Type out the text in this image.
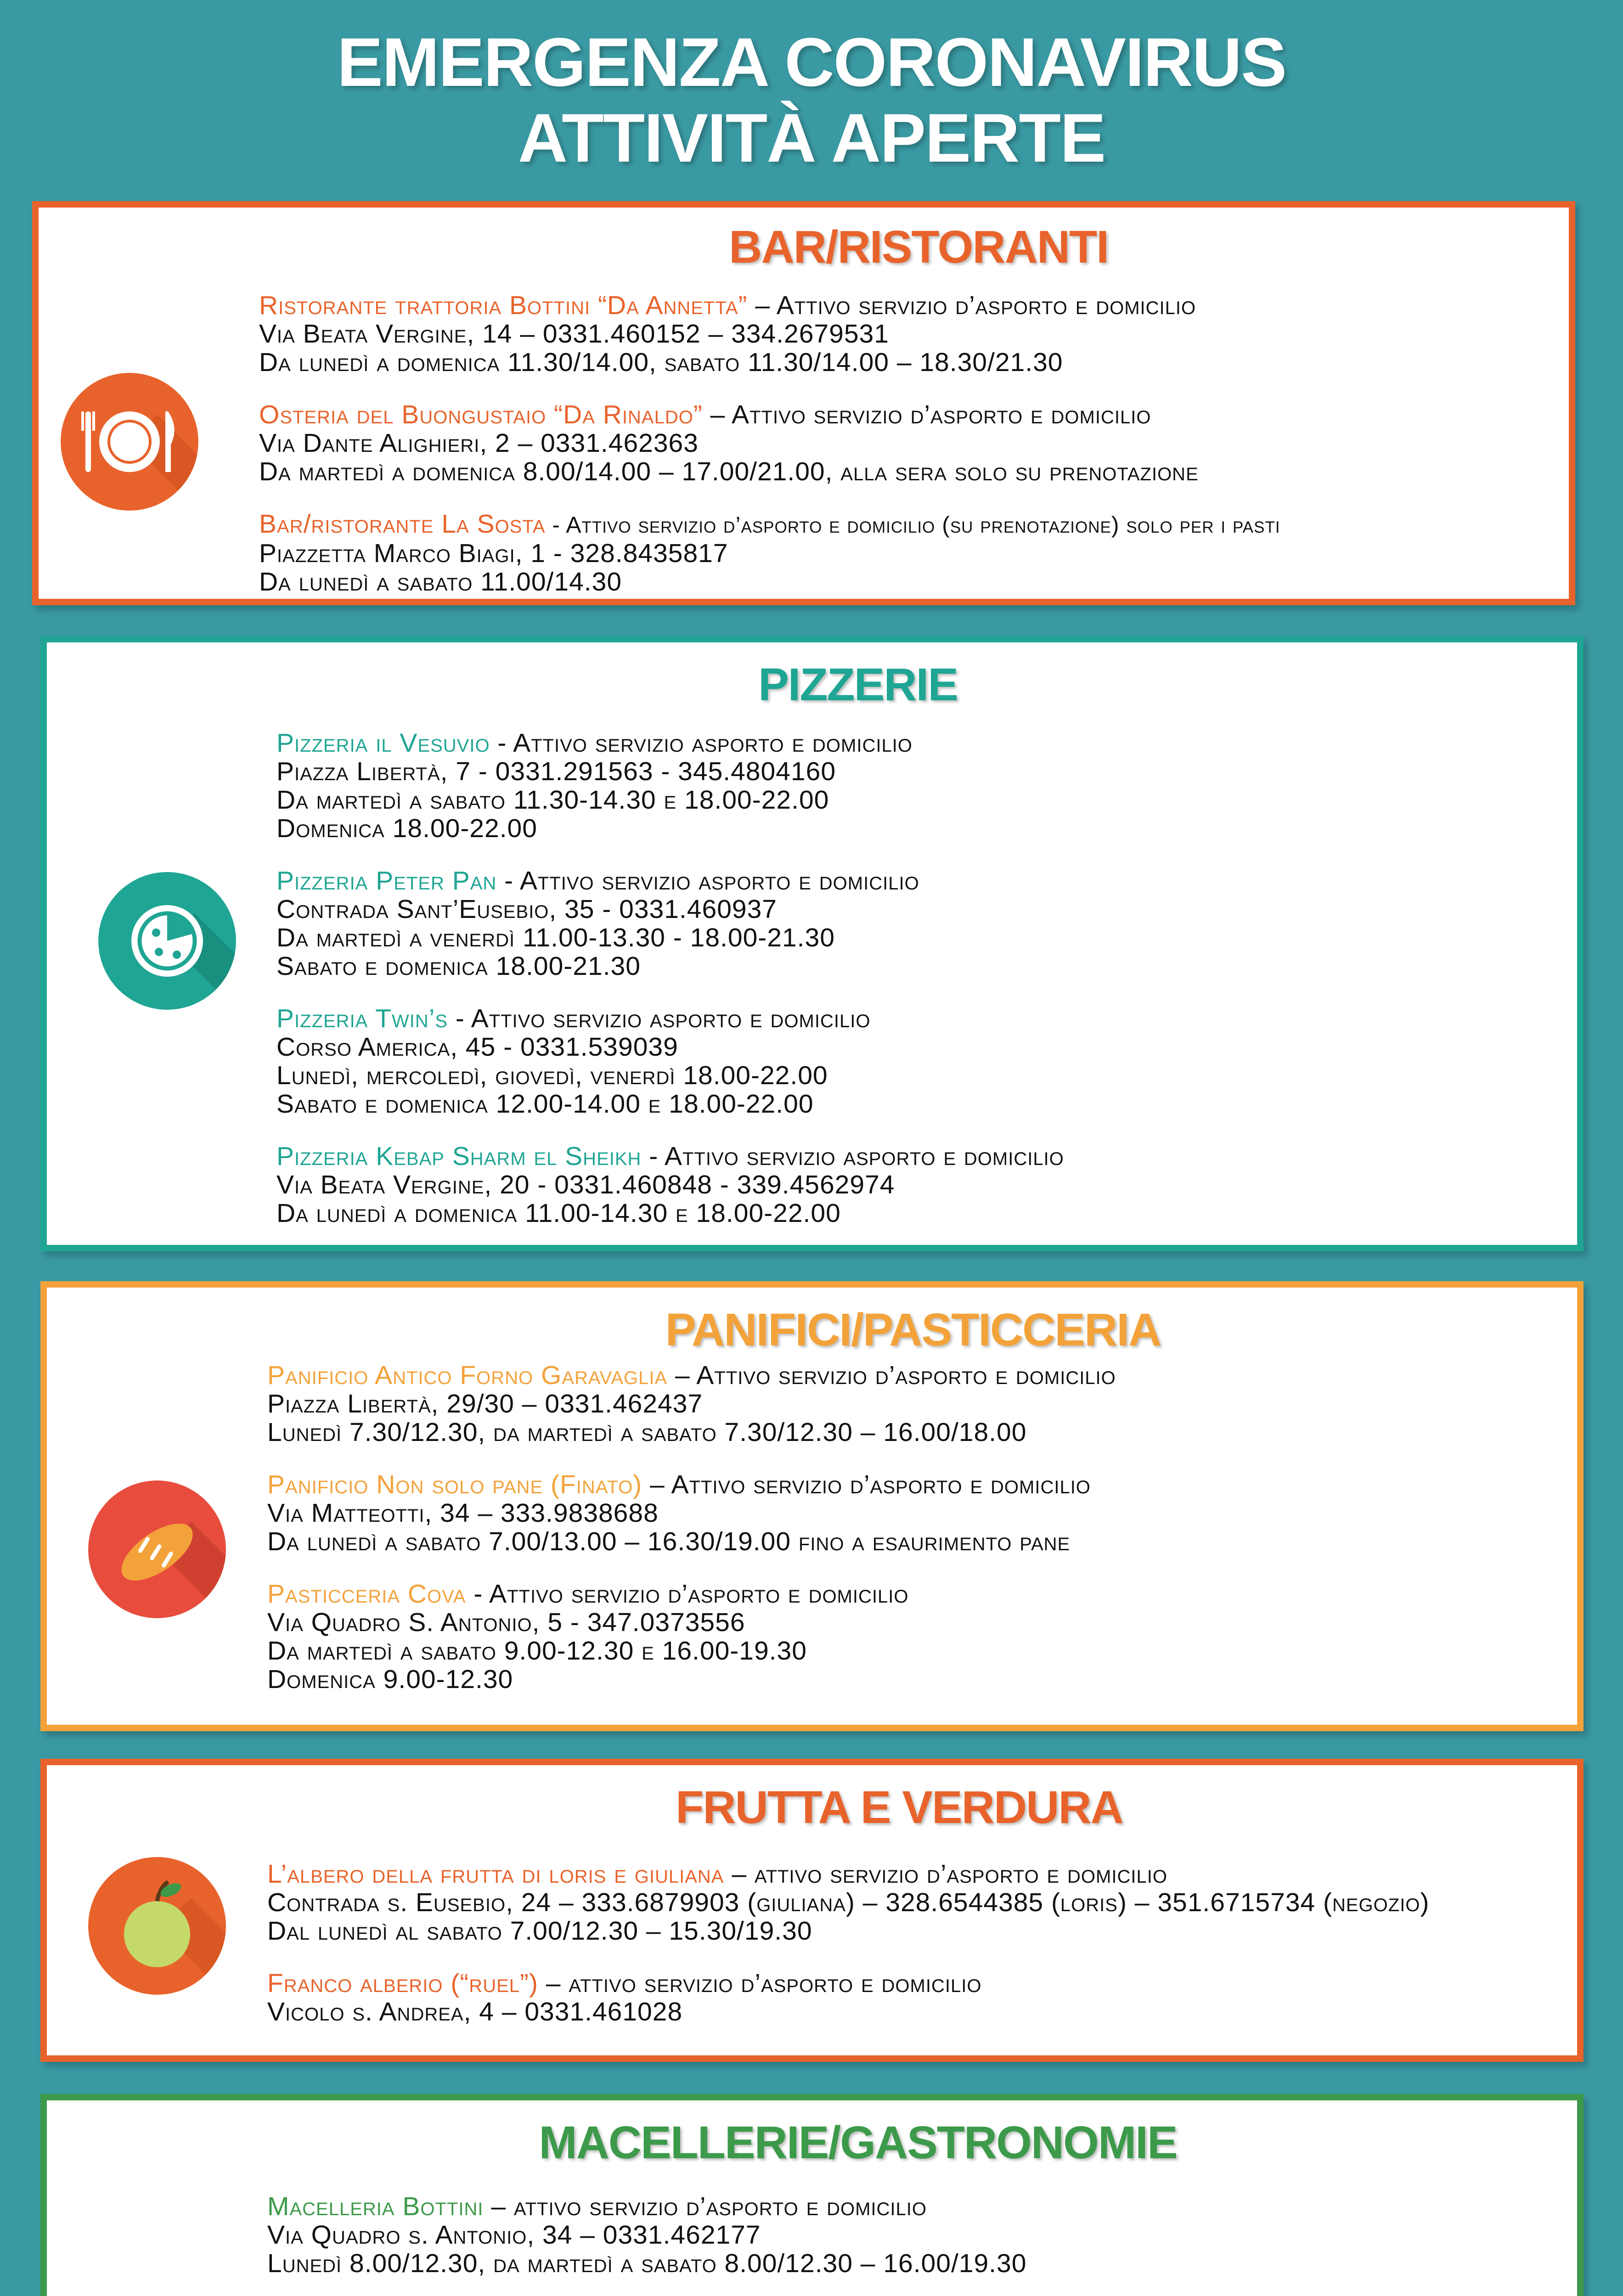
EMERGENZA CORONAVIRUS
ATTIVITÀ APERTE
BAR/RISTORANTI
Ristorante trattoria Bottini “Da Annetta” – Attivo servizio d’asporto e domicilio
Via Beata Vergine, 14 – 0331.460152 – 334.2679531
Da lunedì a domenica 11.30/14.00, sabato 11.30/14.00 – 18.30/21.30
Osteria del Buongustaio “Da Rinaldo” – Attivo servizio d’asporto e domicilio
Via Dante Alighieri, 2 – 0331.462363
Da martedì a domenica 8.00/14.00 – 17.00/21.00, alla sera solo su prenotazione
Bar/ristorante La Sosta - Attivo servizio d’asporto e domicilio (su prenotazione) solo per i pasti
Piazzetta Marco Biagi, 1 - 328.8435817
Da lunedì a sabato 11.00/14.30
PIZZERIE
Pizzeria il Vesuvio - Attivo servizio asporto e domicilio
Piazza Libertà, 7 - 0331.291563 - 345.4804160
Da martedì a sabato 11.30-14.30 e 18.00-22.00
Domenica 18.00-22.00
Pizzeria Peter Pan - Attivo servizio asporto e domicilio
Contrada Sant’Eusebio, 35 - 0331.460937
Da martedì a venerdì 11.00-13.30 - 18.00-21.30
Sabato e domenica 18.00-21.30
Pizzeria Twin’s - Attivo servizio asporto e domicilio
Corso America, 45 - 0331.539039
Lunedì, mercoledì, giovedì, venerdì 18.00-22.00
Sabato e domenica 12.00-14.00 e 18.00-22.00
Pizzeria Kebap Sharm el Sheikh - Attivo servizio asporto e domicilio
Via Beata Vergine, 20 - 0331.460848 - 339.4562974
Da lunedì a domenica 11.00-14.30 e 18.00-22.00
PANIFICI/PASTICCERIA
Panificio Antico Forno Garavaglia – Attivo servizio d’asporto e domicilio
Piazza Libertà, 29/30 – 0331.462437
Lunedì 7.30/12.30, da martedì a sabato 7.30/12.30 – 16.00/18.00
Panificio Non solo pane (Finato) – Attivo servizio d’asporto e domicilio
Via Matteotti, 34 – 333.9838688
Da lunedì a sabato 7.00/13.00 – 16.30/19.00 fino a esaurimento pane
Pasticceria Cova - Attivo servizio d’asporto e domicilio
Via Quadro S. Antonio, 5 - 347.0373556
Da martedì a sabato 9.00-12.30 e 16.00-19.30
Domenica 9.00-12.30
FRUTTA E VERDURA
L’albero della frutta di loris e giuliana – attivo servizio d’asporto e domicilio
Contrada s. Eusebio, 24 – 333.6879903 (giuliana) – 328.6544385 (loris) – 351.6715734 (negozio)
Dal lunedì al sabato 7.00/12.30 – 15.30/19.30
Franco alberio (“ruel”) – attivo servizio d’asporto e domicilio
Vicolo s. Andrea, 4 – 0331.461028
MACELLERIE/GASTRONOMIE
Macelleria Bottini – attivo servizio d’asporto e domicilio
Via Quadro s. Antonio, 34 – 0331.462177
Lunedì 8.00/12.30, da martedì a sabato 8.00/12.30 – 16.00/19.30
